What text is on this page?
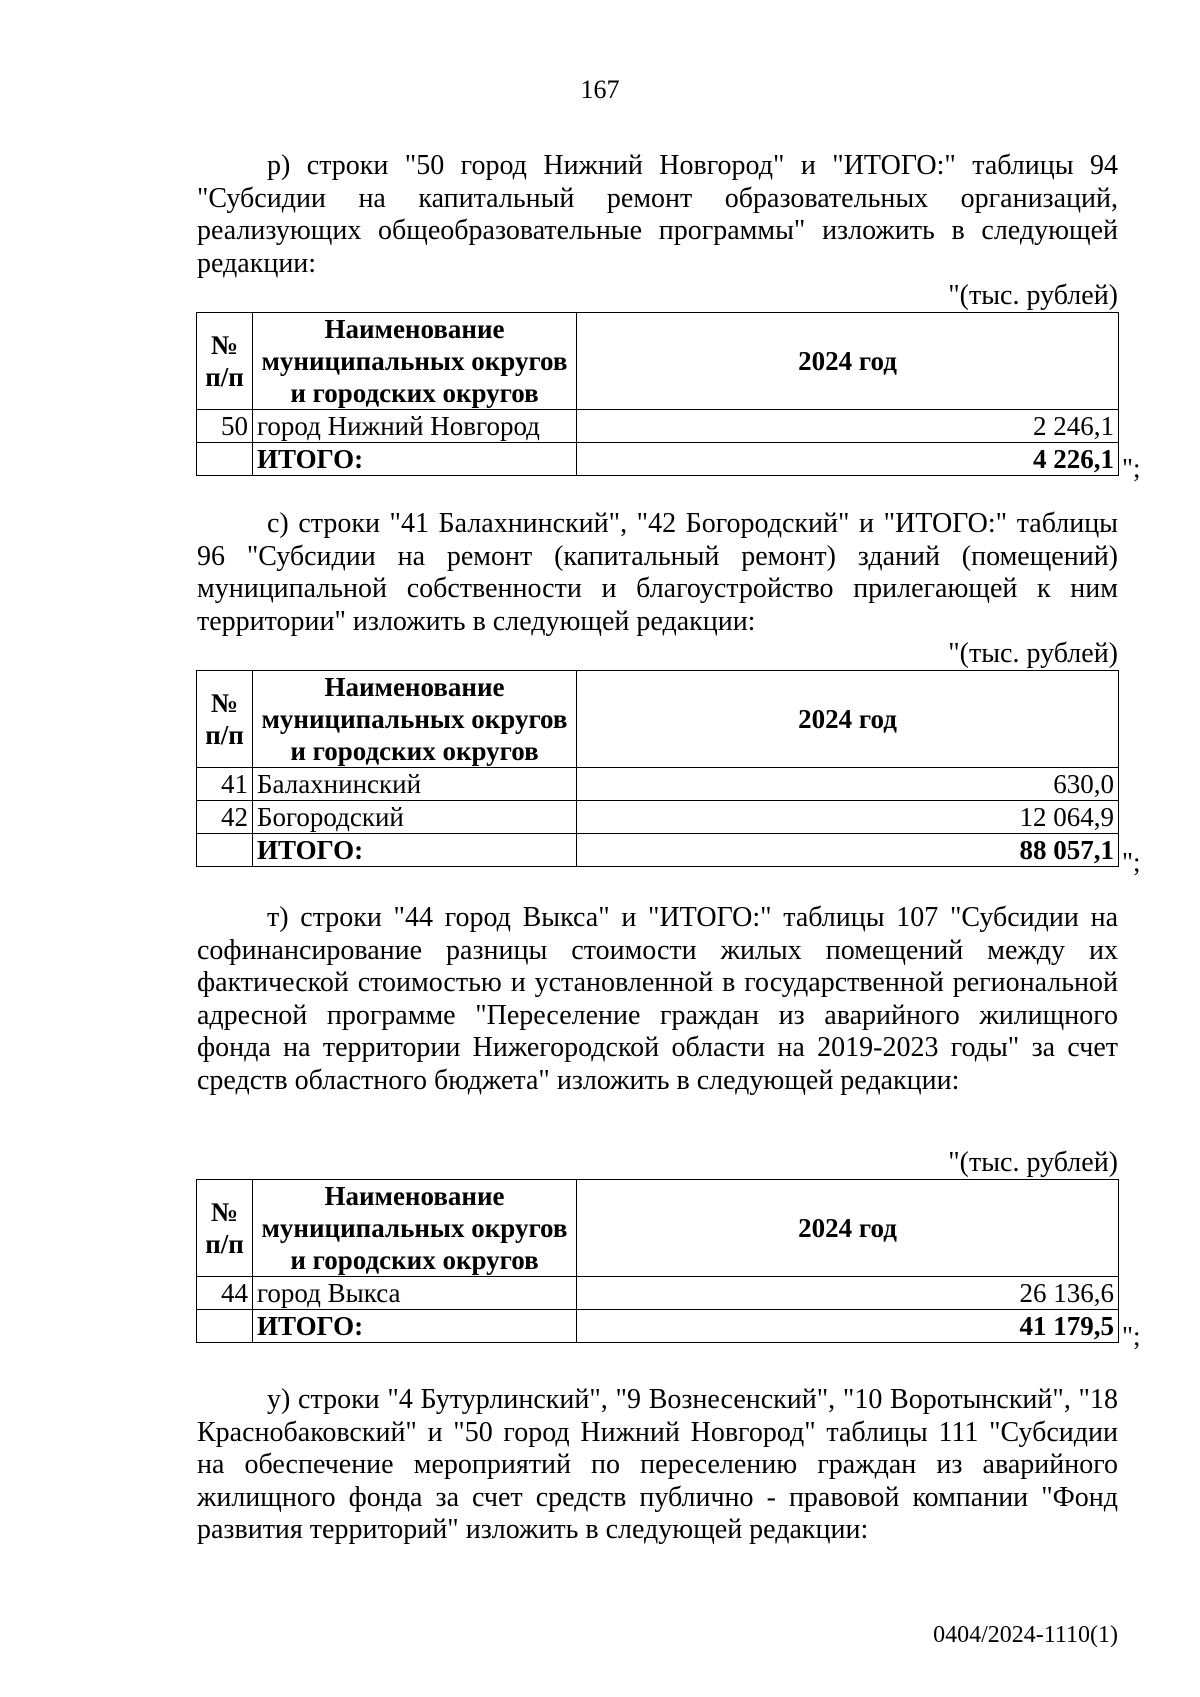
167

р) строки "50 город Нижний Новгород" и "ИТОГО:" таблицы 94 "Субсидии на капитальный ремонт образовательных организаций, реализующих общеобразовательные программы" изложить в следующей редакции:

"(тыс. рублей)
№ п/п	Наименование муниципальных округов и городских округов	2024 год
50	город Нижний Новгород	2 246,1
	ИТОГО:	4 226,1 ";

с) строки "41 Балахнинский", "42 Богородский" и "ИТОГО:" таблицы 96 "Субсидии на ремонт (капитальный ремонт) зданий (помещений) муниципальной собственности и благоустройство прилегающей к ним территории" изложить в следующей редакции:

"(тыс. рублей)
№ п/п	Наименование муниципальных округов и городских округов	2024 год
41	Балахнинский	630,0
42	Богородский	12 064,9
	ИТОГО:	88 057,1 ";

т) строки "44 город Выкса" и "ИТОГО:" таблицы 107 "Субсидии на софинансирование разницы стоимости жилых помещений между их фактической стоимостью и установленной в государственной региональной адресной программе "Переселение граждан из аварийного жилищного фонда на территории Нижегородской области на 2019-2023 годы" за счет средств областного бюджета" изложить в следующей редакции:

"(тыс. рублей)
№ п/п	Наименование муниципальных округов и городских округов	2024 год
44	город Выкса	26 136,6
	ИТОГО:	41 179,5 ";

у) строки "4 Бутурлинский", "9 Вознесенский", "10 Воротынский", "18 Краснобаковский" и "50 город Нижний Новгород" таблицы 111 "Субсидии на обеспечение мероприятий по переселению граждан из аварийного жилищного фонда за счет средств публично - правовой компании "Фонд развития территорий" изложить в следующей редакции:

0404/2024-1110(1)
